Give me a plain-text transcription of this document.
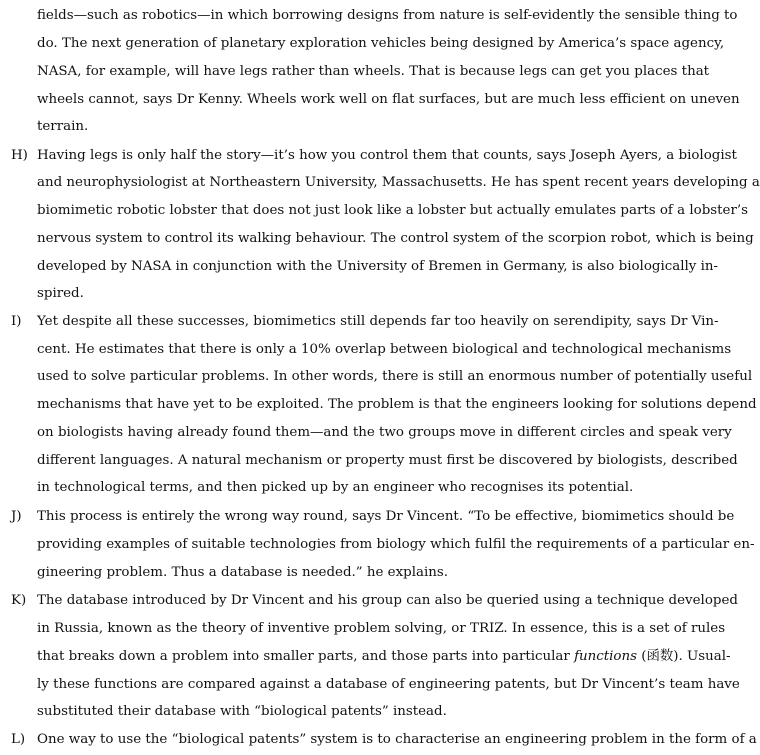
fields—such as robotics—in which borrowing designs from nature is self-evidently the sensible thing to
do. The next generation of planetary exploration vehicles being designed by America’s space agency,
NASA, for example, will have legs rather than wheels. That is because legs can get you places that
wheels cannot, says Dr Kenny. Wheels work well on flat surfaces, but are much less efficient on uneven
terrain.
H) Having legs is only half the story—it’s how you control them that counts, says Joseph Ayers, a biologist
and neurophysiologist at Northeastern University, Massachusetts. He has spent recent years developing a
biomimetic robotic lobster that does not just look like a lobster but actually emulates parts of a lobster’s
nervous system to control its walking behaviour. The control system of the scorpion robot, which is being
developed by NASA in conjunction with the University of Bremen in Germany, is also biologically in-
spired.
I)	Yet despite all these successes, biomimetics still depends far too heavily on serendipity, says Dr Vin-
cent. He estimates that there is only a 10% overlap between biological and technological mechanisms
used to solve particular problems. In other words, there is still an enormous number of potentially useful
mechanisms that have yet to be exploited. The problem is that the engineers looking for solutions depend
on biologists having already found them—and the two groups move in different circles and speak very
different languages. A natural mechanism or property must first be discovered by biologists, described
in technological terms, and then picked up by an engineer who recognises its potential.
J)	This process is entirely the wrong way round, says Dr Vincent. “To be effective, biomimetics should be
providing examples of suitable technologies from biology which fulfil the requirements of a particular en-
gineering problem. Thus a database is needed.” he explains.
K) The database introduced by Dr Vincent and his group can also be queried using a technique developed
in Russia, known as the theory of inventive problem solving, or TRIZ. In essence, this is a set of rules
that breaks down a problem into smaller parts, and those parts into particular functions (函数). Usual-
ly these functions are compared against a database of engineering patents, but Dr Vincent’s team have
substituted their database with “biological patents” instead.
L) One way to use the “biological patents” system is to characterise an engineering problem in the form of a
